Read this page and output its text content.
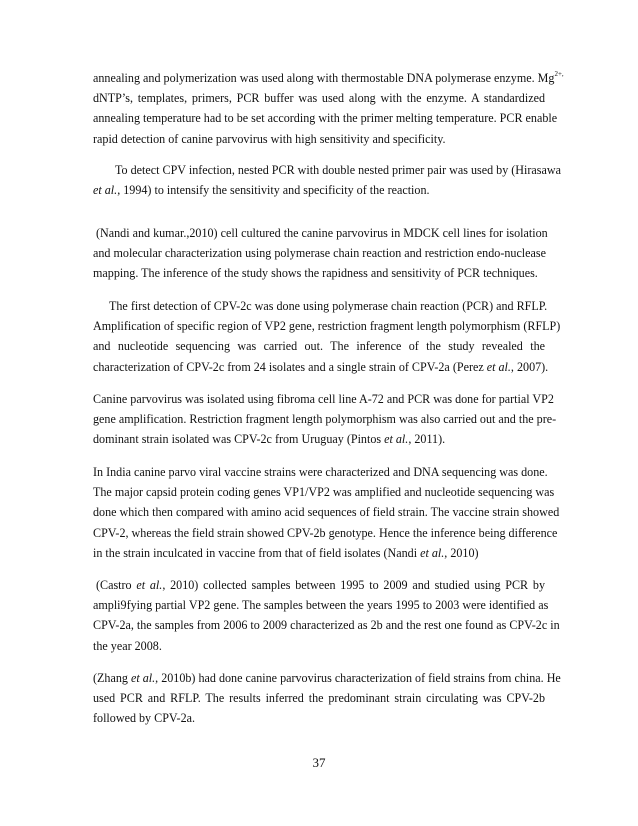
annealing and polymerization was used along with thermostable DNA polymerase enzyme. $Mg^{2+,}$
dNTP’s, templates, primers, PCR buffer was used along with the enzyme. A standardized
annealing temperature had to be set according with the primer melting temperature. PCR enable
rapid detection of canine parvovirus with high sensitivity and specificity.
To detect CPV infection, nested PCR with double nested primer pair was used by (Hirasawa
et al., 1994) to intensify the sensitivity and specificity of the reaction.
(Nandi and kumar.,2010) cell cultured the canine parvovirus in MDCK cell lines for isolation
and molecular characterization using polymerase chain reaction and restriction endo-nuclease
mapping. The inference of the study shows the rapidness and sensitivity of PCR techniques.
The first detection of CPV-2c was done using polymerase chain reaction (PCR) and RFLP.
Amplification of specific region of VP2 gene, restriction fragment length polymorphism (RFLP)
and nucleotide sequencing was carried out. The inference of the study revealed the
characterization of CPV-2c from 24 isolates and a single strain of CPV-2a (Perez et al., 2007).
Canine parvovirus was isolated using fibroma cell line A-72 and PCR was done for partial VP2
gene amplification. Restriction fragment length polymorphism was also carried out and the pre-
dominant strain isolated was CPV-2c from Uruguay (Pintos et al., 2011).
In India canine parvo viral vaccine strains were characterized and DNA sequencing was done.
The major capsid protein coding genes VP1/VP2 was amplified and nucleotide sequencing was
done which then compared with amino acid sequences of field strain. The vaccine strain showed
CPV-2, whereas the field strain showed CPV-2b genotype. Hence the inference being difference
in the strain inculcated in vaccine from that of field isolates (Nandi et al., 2010)
(Castro et al., 2010) collected samples between 1995 to 2009 and studied using PCR by
ampli9fying partial VP2 gene. The samples between the years 1995 to 2003 were identified as
CPV-2a, the samples from 2006 to 2009 characterized as 2b and the rest one found as CPV-2c in
the year 2008.
(Zhang et al., 2010b) had done canine parvovirus characterization of field strains from china. He
used PCR and RFLP. The results inferred the predominant strain circulating was CPV-2b
followed by CPV-2a.
37
